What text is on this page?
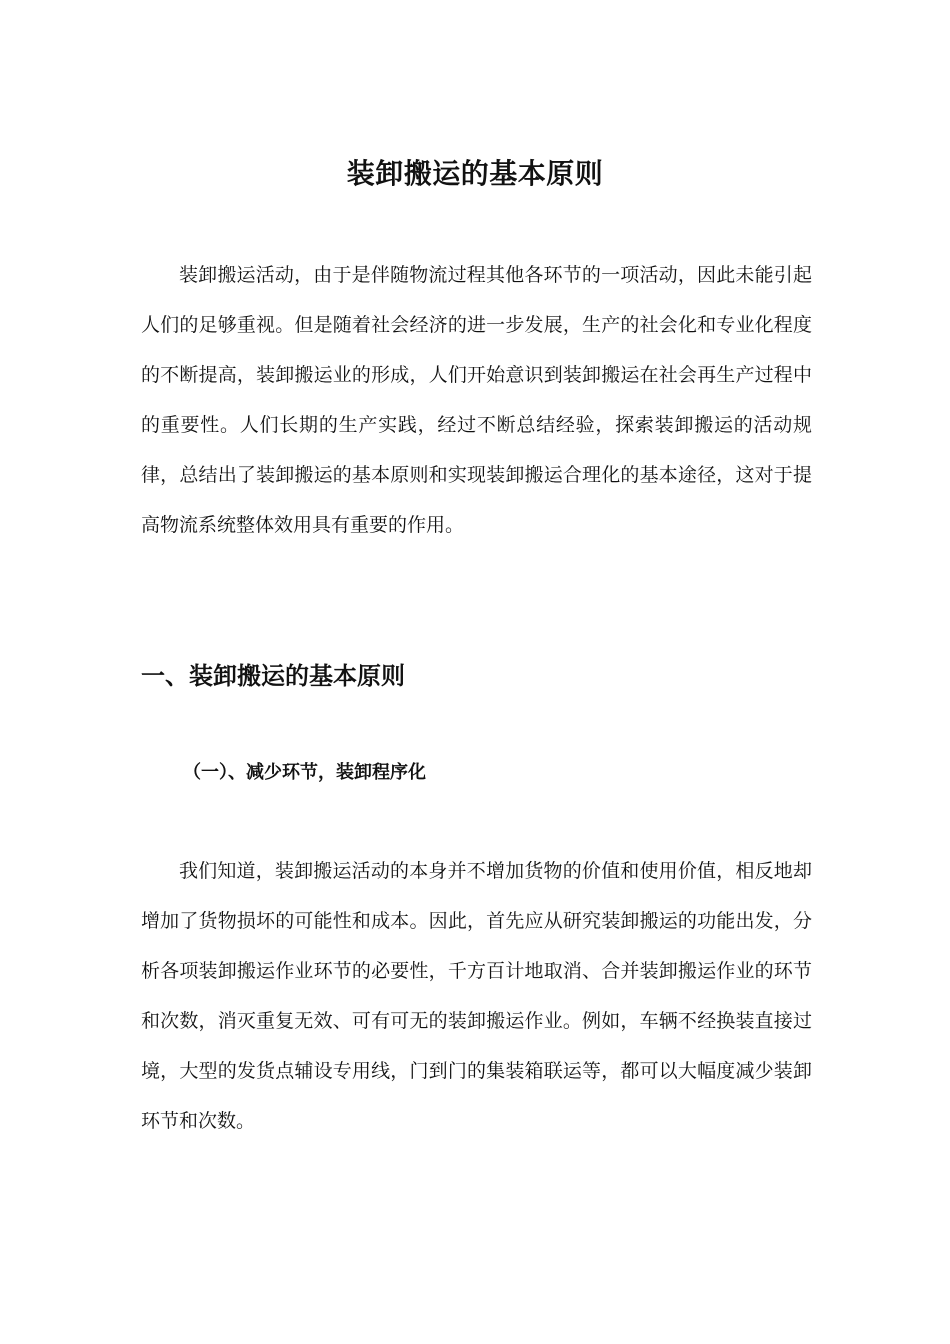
装卸搬运的基本原则

装卸搬运活动，由于是伴随物流过程其他各环节的一项活动，因此未能引起人们的足够重视。但是随着社会经济的进一步发展，生产的社会化和专业化程度的不断提高，装卸搬运业的形成，人们开始意识到装卸搬运在社会再生产过程中的重要性。人们长期的生产实践，经过不断总结经验，探索装卸搬运的活动规律，总结出了装卸搬运的基本原则和实现装卸搬运合理化的基本途径，这对于提高物流系统整体效用具有重要的作用。

一、装卸搬运的基本原则
（一）、减少环节，装卸程序化

我们知道，装卸搬运活动的本身并不增加货物的价值和使用价值，相反地却增加了货物损坏的可能性和成本。因此，首先应从研究装卸搬运的功能出发，分析各项装卸搬运作业环节的必要性，千方百计地取消、合并装卸搬运作业的环节和次数，消灭重复无效、可有可无的装卸搬运作业。例如，车辆不经换装直接过境，大型的发货点辅设专用线，门到门的集装箱联运等，都可以大幅度减少装卸环节和次数。
